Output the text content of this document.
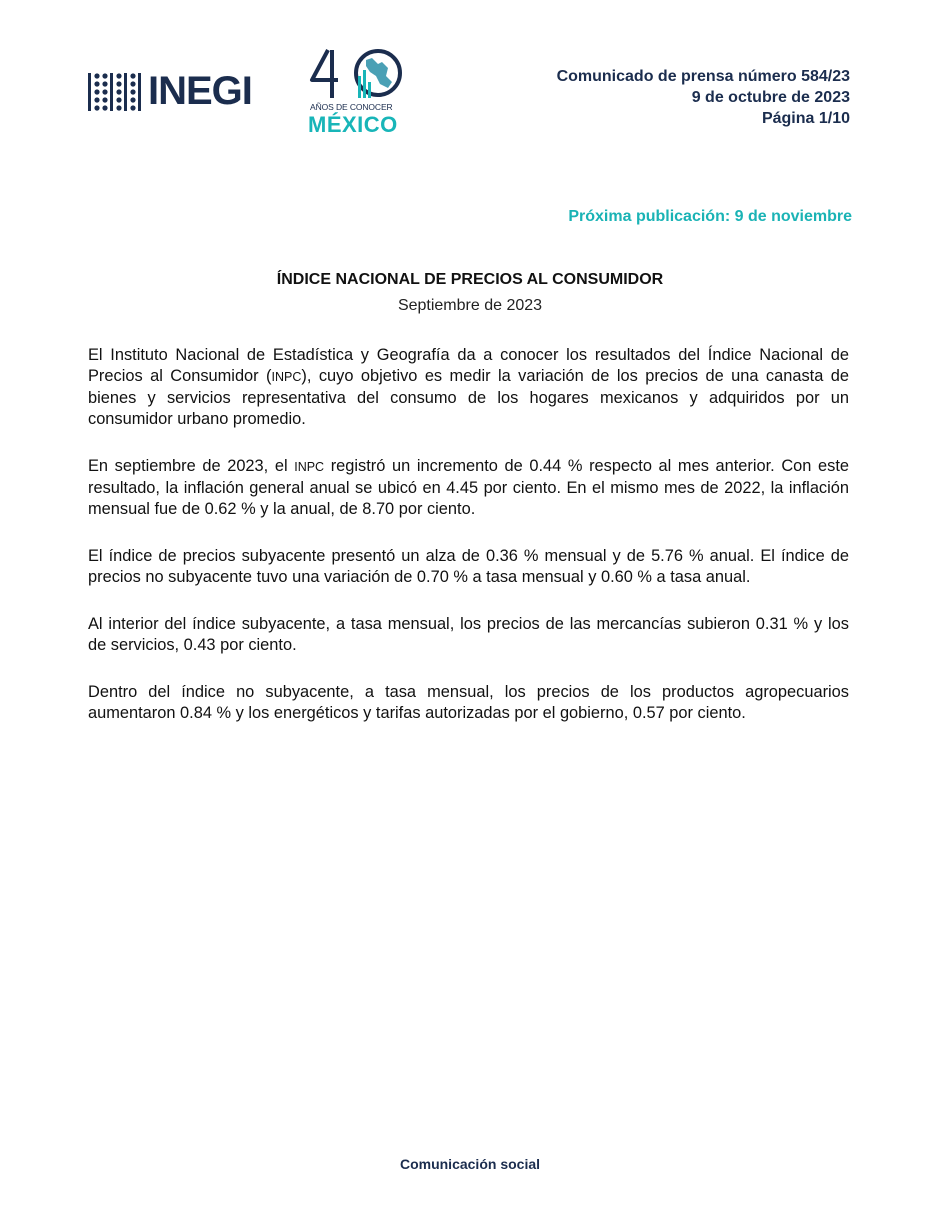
INEGI	AÑOS DE CONOCER
MÉXICO
Comunicado de prensa número 584/23
9 de octubre de 2023
Página 1/10
Próxima publicación: 9 de noviembre
ÍNDICE NACIONAL DE PRECIOS AL CONSUMIDOR
Septiembre de 2023

El Instituto Nacional de Estadística y Geografía da a conocer los resultados del Índice Nacional de Precios al Consumidor (INPC), cuyo objetivo es medir la variación de los precios de una canasta de bienes y servicios representativa del consumo de los hogares mexicanos y adquiridos por un consumidor urbano promedio.

En septiembre de 2023, el INPC registró un incremento de 0.44 % respecto al mes anterior. Con este resultado, la inflación general anual se ubicó en 4.45 por ciento. En el mismo mes de 2022, la inflación mensual fue de 0.62 % y la anual, de 8.70 por ciento.

El índice de precios subyacente presentó un alza de 0.36 % mensual y de 5.76 % anual. El índice de precios no subyacente tuvo una variación de 0.70 % a tasa mensual y 0.60 % a tasa anual.

Al interior del índice subyacente, a tasa mensual, los precios de las mercancías subieron 0.31 % y los de servicios, 0.43 por ciento.

Dentro del índice no subyacente, a tasa mensual, los precios de los productos agropecuarios aumentaron 0.84 % y los energéticos y tarifas autorizadas por el gobierno, 0.57 por ciento.

Comunicación social
